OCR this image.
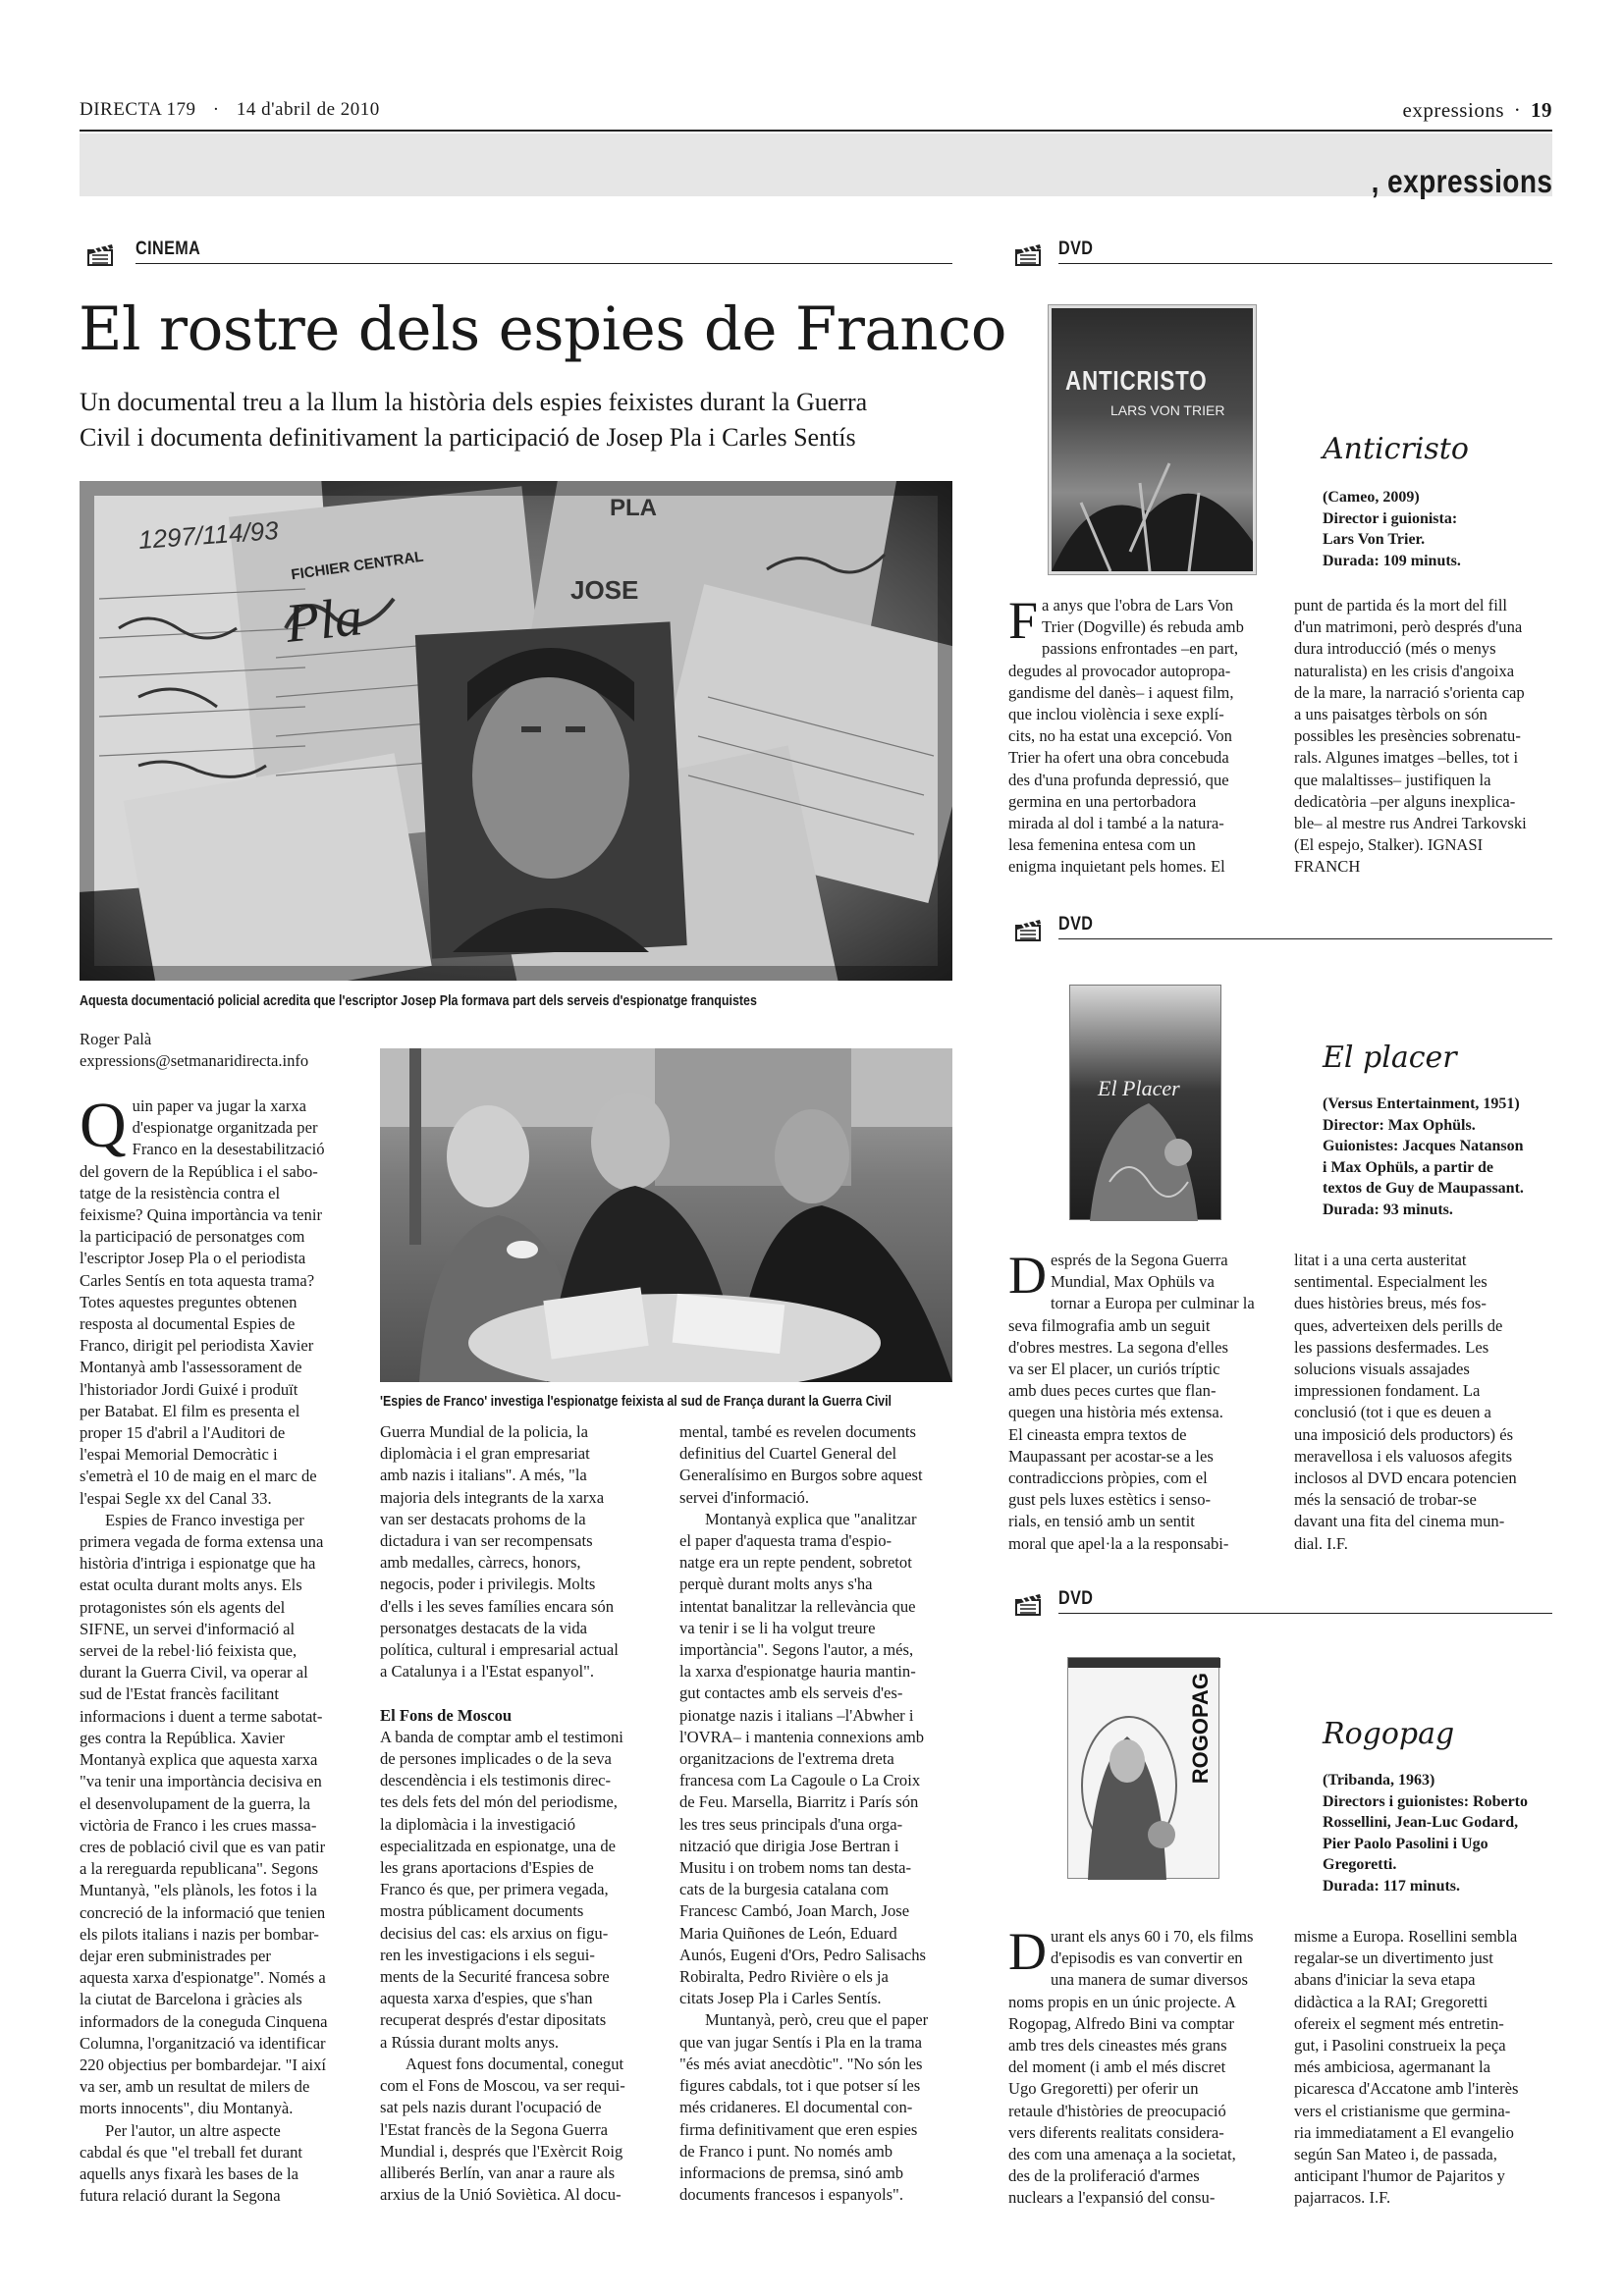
DIRECTA 179 · 14 d'abril de 2010	expressions · 19
, expressions
CINEMA
El rostre dels espies de Franco
Un documental treu a la llum la història dels espies feixistes durant la Guerra
Civil i documenta definitivament la participació de Josep Pla i Carles Sentís
1297/114/93
FICHIER CENTRAL
PLA
Pla	JOSE
Aquesta documentació policial acredita que l'escriptor Josep Pla formava part dels serveis d'espionatge franquistes
Roger Palà
expressions@setmanaridirecta.info
'Espies de Franco' investiga l'espionatge feixista al sud de França durant la Guerra Civil
Q uin paper va jugar la xarxa
d'espionatge organitzada per
Franco en la desestabilització
del govern de la República i el sabo-
tatge de la resistència contra el
feixisme? Quina importància va tenir
la participació de personatges com
l'escriptor Josep Pla o el periodista
Carles Sentís en tota aquesta trama?
Totes aquestes preguntes obtenen
resposta al documental Espies de
Franco, dirigit pel periodista Xavier
Montanyà amb l'assessorament de
l'historiador Jordi Guixé i produït
per Batabat. El film es presenta el
proper 15 d'abril a l'Auditori de
l'espai Memorial Democràtic i
s'emetrà el 10 de maig en el marc de
l'espai Segle xx del Canal 33.
Espies de Franco investiga per
primera vegada de forma extensa una
història d'intriga i espionatge que ha
estat oculta durant molts anys. Els
protagonistes són els agents del
SIFNE, un servei d'informació al
servei de la rebel·lió feixista que,
durant la Guerra Civil, va operar al
sud de l'Estat francès facilitant
informacions i duent a terme sabotat-
ges contra la República. Xavier
Montanyà explica que aquesta xarxa
"va tenir una importància decisiva en
el desenvolupament de la guerra, la
victòria de Franco i les crues massa-
cres de població civil que es van patir
a la rereguarda republicana". Segons
Muntanyà, "els plànols, les fotos i la
concreció de la informació que tenien
els pilots italians i nazis per bombar-
dejar eren subministrades per
aquesta xarxa d'espionatge". Només a
la ciutat de Barcelona i gràcies als
informadors de la coneguda Cinquena
Columna, l'organització va identificar
220 objectius per bombardejar. "I així
va ser, amb un resultat de milers de
morts innocents", diu Montanyà.
Per l'autor, un altre aspecte
cabdal és que "el treball fet durant
aquells anys fixarà les bases de la
futura relació durant la Segona
Guerra Mundial de la policia, la
diplomàcia i el gran empresariat
amb nazis i italians". A més, "la
majoria dels integrants de la xarxa
van ser destacats prohoms de la
dictadura i van ser recompensats
amb medalles, càrrecs, honors,
negocis, poder i privilegis. Molts
d'ells i les seves famílies encara són
personatges destacats de la vida
política, cultural i empresarial actual
a Catalunya i a l'Estat espanyol".

El Fons de Moscou
A banda de comptar amb el testimoni
de persones implicades o de la seva
descendència i els testimonis direc-
tes dels fets del món del periodisme,
la diplomàcia i la investigació
especialitzada en espionatge, una de
les grans aportacions d'Espies de
Franco és que, per primera vegada,
mostra públicament documents
decisius del cas: els arxius on figu-
ren les investigacions i els segui-
ments de la Securité francesa sobre
aquesta xarxa d'espies, que s'han
recuperat després d'estar dipositats
a Rússia durant molts anys.
Aquest fons documental, conegut
com el Fons de Moscou, va ser requi-
sat pels nazis durant l'ocupació de
l'Estat francès de la Segona Guerra
Mundial i, després que l'Exèrcit Roig
alliberés Berlín, van anar a raure als
arxius de la Unió Soviètica. Al docu-
mental, també es revelen documents
definitius del Cuartel General del
Generalísimo en Burgos sobre aquest
servei d'informació.
Montanyà explica que "analitzar
el paper d'aquesta trama d'espio-
natge era un repte pendent, sobretot
perquè durant molts anys s'ha
intentat banalitzar la rellevància que
va tenir i se li ha volgut treure
importància". Segons l'autor, a més,
la xarxa d'espionatge hauria mantin-
gut contactes amb els serveis d'es-
pionatge nazis i italians –l'Abwher i
l'OVRA– i mantenia connexions amb
organitzacions de l'extrema dreta
francesa com La Cagoule o La Croix
de Feu. Marsella, Biarritz i París són
les tres seus principals d'una orga-
nització que dirigia Jose Bertran i
Musitu i on trobem noms tan desta-
cats de la burgesia catalana com
Francesc Cambó, Joan March, Jose
Maria Quiñones de León, Eduard
Aunós, Eugeni d'Ors, Pedro Salisachs
Robiralta, Pedro Rivière o els ja
citats Josep Pla i Carles Sentís.
Muntanyà, però, creu que el paper
que van jugar Sentís i Pla en la trama
"és més aviat anecdòtic". "No són les
figures cabdals, tot i que potser sí les
més cridaneres. El documental con-
firma definitivament que eren espies
de Franco i punt. No només amb
informacions de premsa, sinó amb
documents francesos i espanyols".
DVD
ANTICRISTO
LARS VON TRIER
Anticristo
(Cameo, 2009)
Director i guionista:
Lars Von Trier.
Durada: 109 minuts.
F a anys que l'obra de Lars Von
Trier (Dogville) és rebuda amb
passions enfrontades –en part,
degudes al provocador autopropa-
gandisme del danès– i aquest film,
que inclou violència i sexe explí-
cits, no ha estat una excepció. Von
Trier ha ofert una obra concebuda
des d'una profunda depressió, que
germina en una pertorbadora
mirada al dol i també a la natura-
lesa femenina entesa com un
enigma inquietant pels homes. El
punt de partida és la mort del fill
d'un matrimoni, però després d'una
dura introducció (més o menys
naturalista) en les crisis d'angoixa
de la mare, la narració s'orienta cap
a uns paisatges tèrbols on són
possibles les presències sobrenatu-
rals. Algunes imatges –belles, tot i
que malaltisses– justifiquen la
dedicatòria –per alguns inexplica-
ble– al mestre rus Andrei Tarkovski
(El espejo, Stalker). IGNASI
FRANCH
DVD
El Placer
El placer
(Versus Entertainment, 1951)
Director: Max Ophüls.
Guionistes: Jacques Natanson
i Max Ophüls, a partir de
textos de Guy de Maupassant.
Durada: 93 minuts.
D esprés de la Segona Guerra
Mundial, Max Ophüls va
tornar a Europa per culminar la
seva filmografia amb un seguit
d'obres mestres. La segona d'elles
va ser El placer, un curiós tríptic
amb dues peces curtes que flan-
quegen una història més extensa.
El cineasta empra textos de
Maupassant per acostar-se a les
contradiccions pròpies, com el
gust pels luxes estètics i senso-
rials, en tensió amb un sentit
moral que apel·la a la responsabi-
litat i a una certa austeritat
sentimental. Especialment les
dues històries breus, més fos-
ques, adverteixen dels perills de
les passions desfermades. Les
solucions visuals assajades
impressionen fondament. La
conclusió (tot i que es deuen a
una imposició dels productors) és
meravellosa i els valuosos afegits
inclosos al DVD encara potencien
més la sensació de trobar-se
davant una fita del cinema mun-
dial. I.F.
DVD
ROGOPAG	Rogopag
(Tribanda, 1963)
Directors i guionistes: Roberto
Rossellini, Jean-Luc Godard,
Pier Paolo Pasolini i Ugo
Gregoretti.
Durada: 117 minuts.
D urant els anys 60 i 70, els films
d'episodis es van convertir en
una manera de sumar diversos
noms propis en un únic projecte. A
Rogopag, Alfredo Bini va comptar
amb tres dels cineastes més grans
del moment (i amb el més discret
Ugo Gregoretti) per oferir un
retaule d'històries de preocupació
vers diferents realitats considera-
des com una amenaça a la societat,
des de la proliferació d'armes
nuclears a l'expansió del consu-
misme a Europa. Rosellini sembla
regalar-se un divertimento just
abans d'iniciar la seva etapa
didàctica a la RAI; Gregoretti
ofereix el segment més entretin-
gut, i Pasolini construeix la peça
més ambiciosa, agermanant la
picaresca d'Accatone amb l'interès
vers el cristianisme que germina-
ria immediatament a El evangelio
según San Mateo i, de passada,
anticipant l'humor de Pajaritos y
pajarracos. I.F.
